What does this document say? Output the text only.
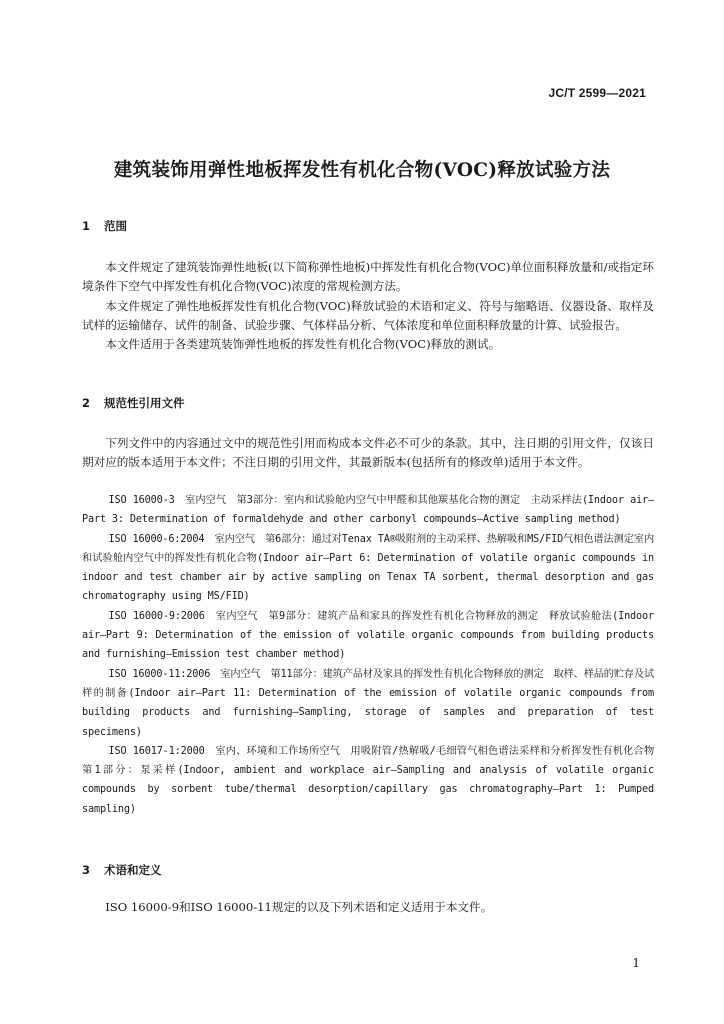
JC/T 2599—2021
建筑装饰用弹性地板挥发性有机化合物(VOC)释放试验方法
1 范围

本文件规定了建筑装饰弹性地板(以下简称弹性地板)中挥发性有机化合物(VOC)单位面积释放量和/或指定环境条件下空气中挥发性有机化合物(VOC)浓度的常规检测方法。

本文件规定了弹性地板挥发性有机化合物(VOC)释放试验的术语和定义、符号与缩略语、仪器设备、取样及试样的运输储存、试件的制备、试验步骤、气体样品分析、气体浓度和单位面积释放量的计算、试验报告。

本文件适用于各类建筑装饰弹性地板的挥发性有机化合物(VOC)释放的测试。

2 规范性引用文件

下列文件中的内容通过文中的规范性引用而构成本文件必不可少的条款。其中，注日期的引用文件，仅该日期对应的版本适用于本文件；不注日期的引用文件，其最新版本(包括所有的修改单)适用于本文件。

ISO 16000-3　室内空气　第3部分：室内和试验舱内空气中甲醛和其他羰基化合物的测定　主动采样法(Indoor air—Part 3: Determination of formaldehyde and other carbonyl compounds—Active sampling method)

ISO 16000-6:2004　室内空气　第6部分：通过对Tenax TA®吸附剂的主动采样、热解吸和MS/FID气相色谱法测定室内和试验舱内空气中的挥发性有机化合物(Indoor air—Part 6: Determination of volatile organic compounds in indoor and test chamber air by active sampling on Tenax TA sorbent, thermal desorption and gas chromatography using MS/FID)

ISO 16000-9:2006　室内空气　第9部分：建筑产品和家具的挥发性有机化合物释放的测定　释放试验舱法(Indoor air—Part 9: Determination of the emission of volatile organic compounds from building products and furnishing—Emission test chamber method)

ISO 16000-11:2006　室内空气　第11部分：建筑产品材及家具的挥发性有机化合物释放的测定　取样、样品的贮存及试样的制备(Indoor air—Part 11: Determination of the emission of volatile organic compounds from building products and furnishing—Sampling, storage of samples and preparation of test specimens)

ISO 16017-1:2000　室内、环境和工作场所空气　用吸附管/热解吸/毛细管气相色谱法采样和分析挥发性有机化合物　第1部分：泵采样(Indoor, ambient and workplace air—Sampling and analysis of volatile organic compounds by sorbent tube/thermal desorption/capillary gas chromatography—Part 1: Pumped sampling)

3 术语和定义

ISO 16000-9和ISO 16000-11规定的以及下列术语和定义适用于本文件。

1
